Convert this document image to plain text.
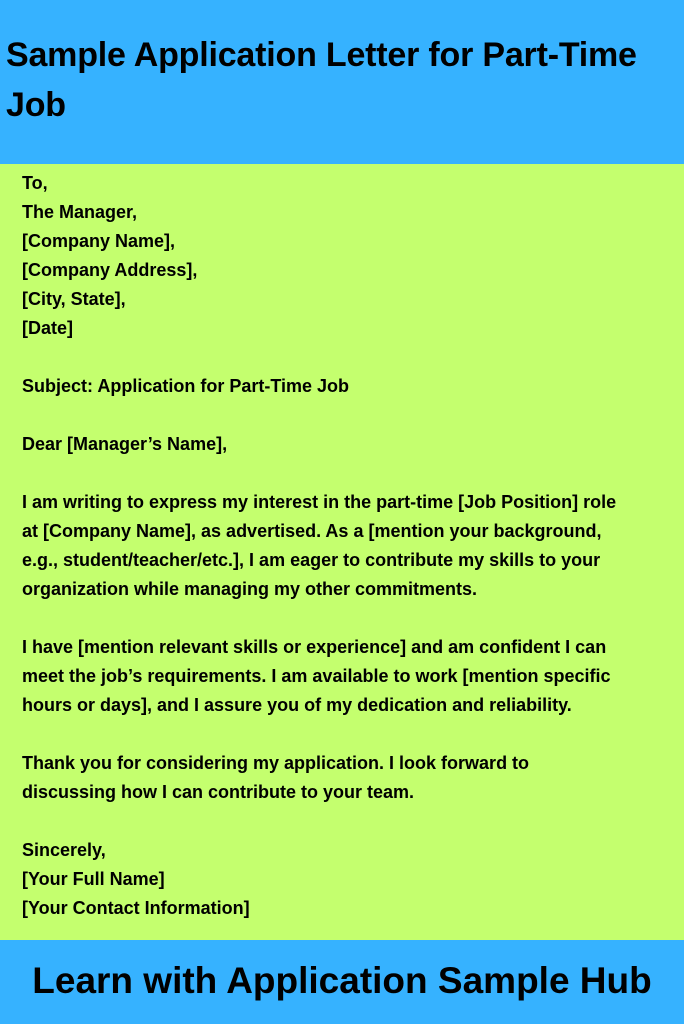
Sample Application Letter for Part-Time Job
To,
The Manager,
[Company Name],
[Company Address],
[City, State],
[Date]

Subject: Application for Part-Time Job

Dear [Manager’s Name],

I am writing to express my interest in the part-time [Job Position] role
at [Company Name], as advertised. As a [mention your background,
e.g., student/teacher/etc.], I am eager to contribute my skills to your
organization while managing my other commitments.
I have [mention relevant skills or experience] and am confident I can
meet the job’s requirements. I am available to work [mention specific
hours or days], and I assure you of my dedication and reliability.
Thank you for considering my application. I look forward to
discussing how I can contribute to your team.
Sincerely,
[Your Full Name]
[Your Contact Information]
Learn with Application Sample Hub
